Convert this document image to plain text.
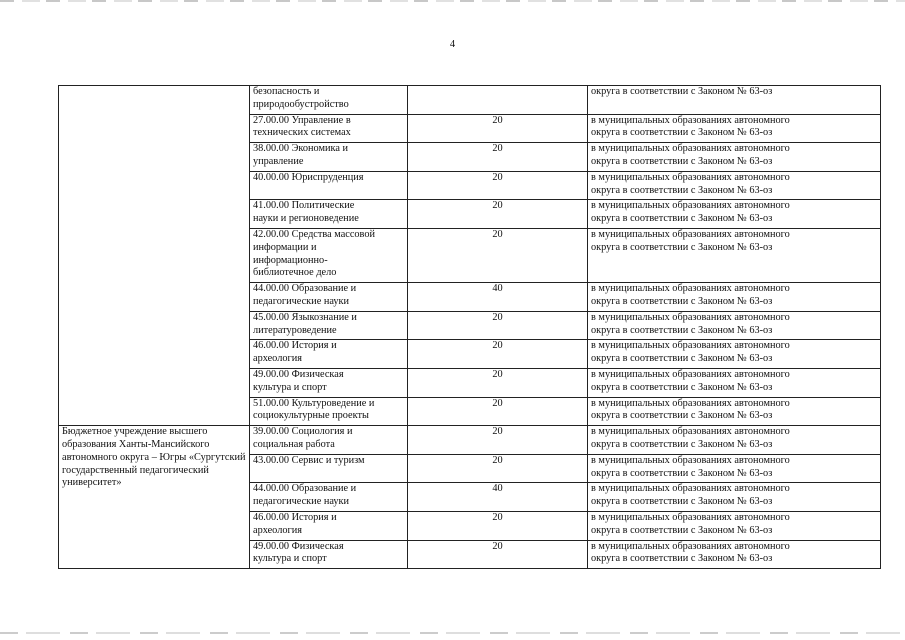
4

	безопасность и
природообустройство		округа в соответствии с Законом № 63-оз

	27.00.00 Управление в
технических системах	20	в муниципальных образованиях автономного
округа в соответствии с Законом № 63-оз

	38.00.00 Экономика и
управление	20	в муниципальных образованиях автономного
округа в соответствии с Законом № 63-оз

	40.00.00 Юриспруденция	20	в муниципальных образованиях автономного
округа в соответствии с Законом № 63-оз

	41.00.00 Политические
науки и регионоведение	20	в муниципальных образованиях автономного
округа в соответствии с Законом № 63-оз

	42.00.00 Средства массовой
информации и
информационно-
библиотечное дело	20	в муниципальных образованиях автономного
округа в соответствии с Законом № 63-оз

	44.00.00 Образование и
педагогические науки	40	в муниципальных образованиях автономного
округа в соответствии с Законом № 63-оз

	45.00.00 Языкознание и
литературоведение	20	в муниципальных образованиях автономного
округа в соответствии с Законом № 63-оз

	46.00.00 История и
археология	20	в муниципальных образованиях автономного
округа в соответствии с Законом № 63-оз

	49.00.00 Физическая
культура и спорт	20	в муниципальных образованиях автономного
округа в соответствии с Законом № 63-оз

	51.00.00 Культуроведение и
социокультурные проекты	20	в муниципальных образованиях автономного
округа в соответствии с Законом № 63-оз

Бюджетное учреждение высшего образования Ханты-Мансийского автономного округа – Югры «Сургутский государственный педагогический университет»	39.00.00 Социология и
социальная работа	20	в муниципальных образованиях автономного
округа в соответствии с Законом № 63-оз

	43.00.00 Сервис и туризм	20	в муниципальных образованиях автономного
округа в соответствии с Законом № 63-оз

	44.00.00 Образование и
педагогические науки	40	в муниципальных образованиях автономного
округа в соответствии с Законом № 63-оз

	46.00.00 История и
археология	20	в муниципальных образованиях автономного
округа в соответствии с Законом № 63-оз

	49.00.00 Физическая
культура и спорт	20	в муниципальных образованиях автономного
округа в соответствии с Законом № 63-оз
